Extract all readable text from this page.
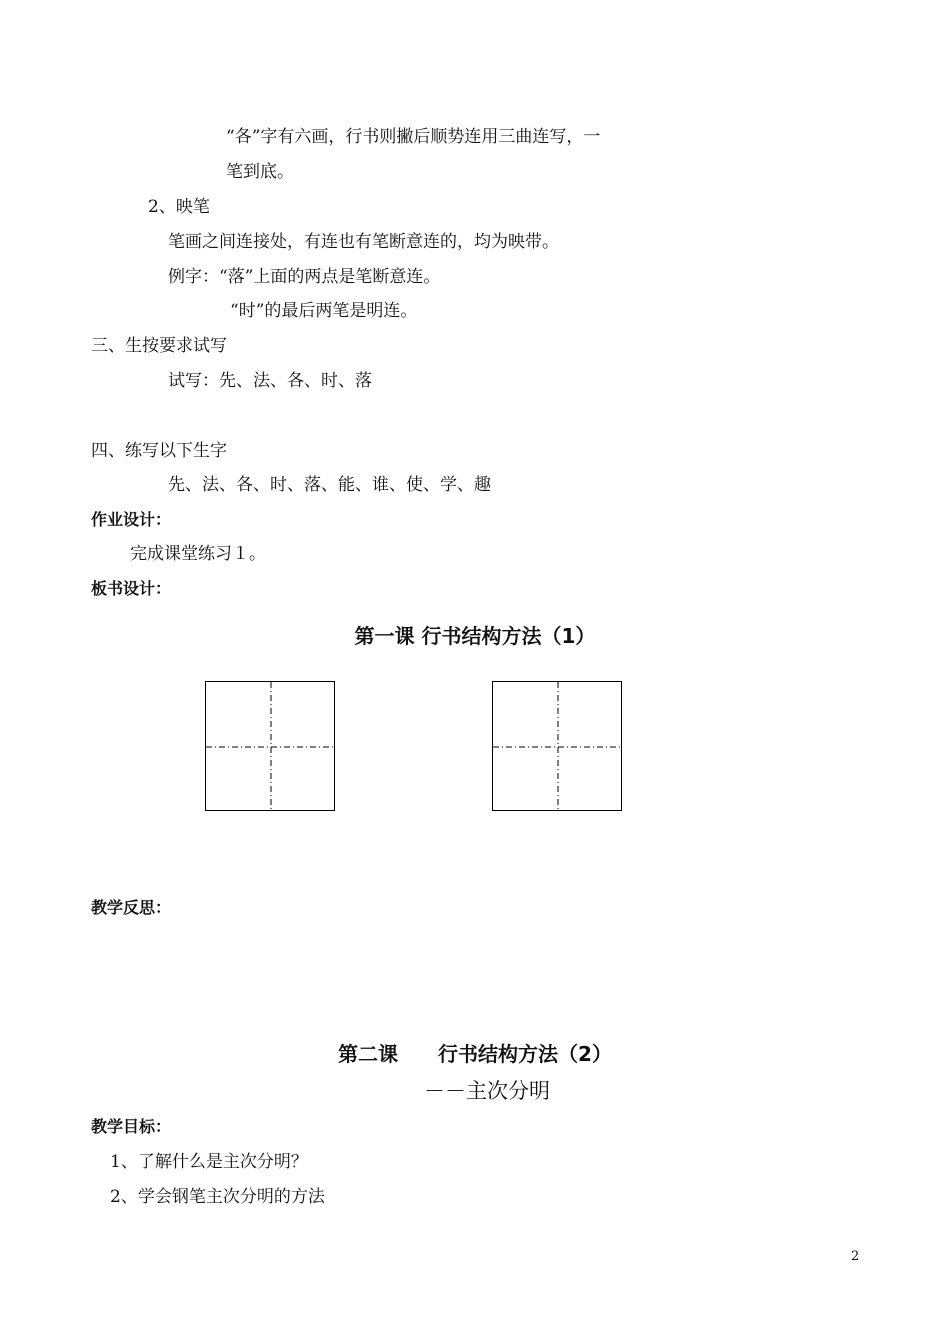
“各”字有六画，行书则撇后顺势连用三曲连写，一
笔到底。
2、映笔
笔画之间连接处，有连也有笔断意连的，均为映带。
例字：“落”上面的两点是笔断意连。
“时”的最后两笔是明连。
三、生按要求试写
试写：先、法、各、时、落
四、练写以下生字
先、法、各、时、落、能、谁、使、学、趣
作业设计：
完成课堂练习１。
板书设计：
第一课 行书结构方法（1）
教学反思：
第二课　　行书结构方法（2）
－－主次分明
教学目标：
1、了解什么是主次分明？
2、学会钢笔主次分明的方法
2
